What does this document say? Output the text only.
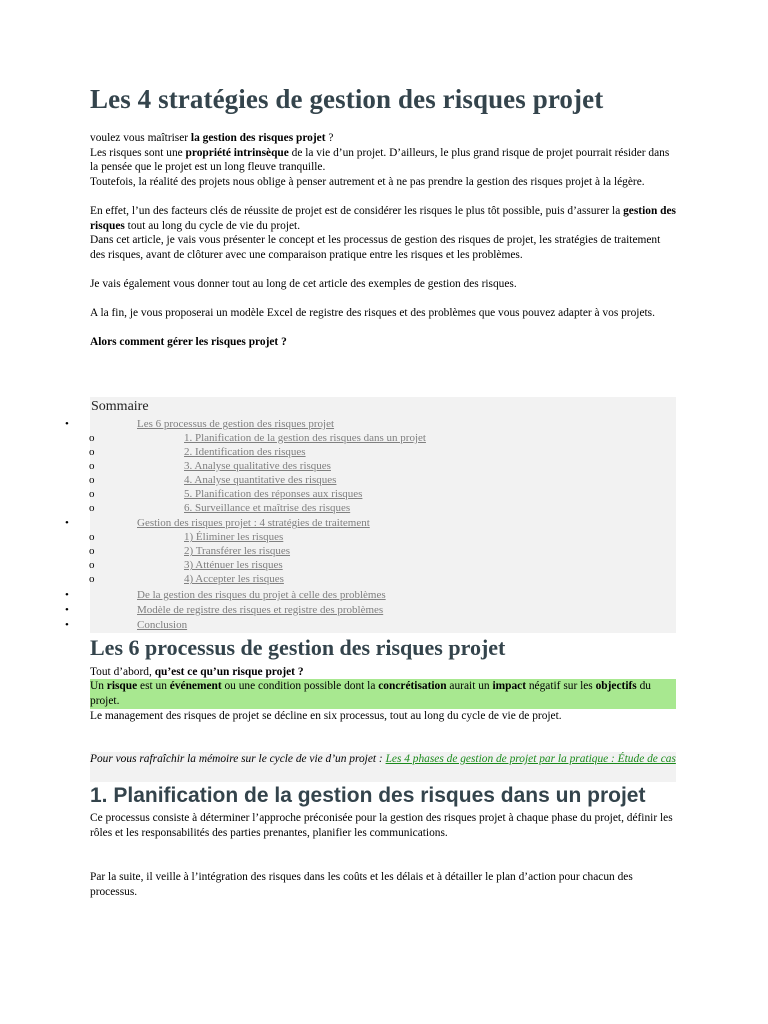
Les 4 stratégies de gestion des risques projet

voulez vous maîtriser la gestion des risques projet ?

Les risques sont une propriété intrinsèque de la vie d’un projet. D’ailleurs, le plus grand risque de projet pourrait résider dans la pensée que le projet est un long fleuve tranquille.

Toutefois, la réalité des projets nous oblige à penser autrement et à ne pas prendre la gestion des risques projet à la légère.

En effet, l’un des facteurs clés de réussite de projet est de considérer les risques le plus tôt possible, puis d’assurer la gestion des risques tout au long du cycle de vie du projet.

Dans cet article, je vais vous présenter le concept et les processus de gestion des risques de projet, les stratégies de traitement des risques, avant de clôturer avec une comparaison pratique entre les risques et les problèmes.

Je vais également vous donner tout au long de cet article des exemples de gestion des risques.

A la fin, je vous proposerai un modèle Excel de registre des risques et des problèmes que vous pouvez adapter à vos projets.

Alors comment gérer les risques projet ?

Sommaire
•	Les 6 processus de gestion des risques projet
o	1. Planification de la gestion des risques dans un projet
o	2. Identification des risques
o	3. Analyse qualitative des risques
o	4. Analyse quantitative des risques
o	5. Planification des réponses aux risques
o	6. Surveillance et maîtrise des risques
•	Gestion des risques projet : 4 stratégies de traitement
o	1) Éliminer les risques
o	2) Transférer les risques
o	3) Atténuer les risques
o	4) Accepter les risques
•	De la gestion des risques du projet à celle des problèmes
•	Modèle de registre des risques et registre des problèmes
•	Conclusion
Les 6 processus de gestion des risques projet
Tout d’abord, qu’est ce qu’un risque projet ?
Un risque est un événement ou une condition possible dont la concrétisation aurait un impact négatif sur les objectifs du projet.
Le management des risques de projet se décline en six processus, tout au long du cycle de vie de projet.
Pour vous rafraîchir la mémoire sur le cycle de vie d’un projet : Les 4 phases de gestion de projet par la pratique : Étude de cas
1. Planification de la gestion des risques dans un projet
Ce processus consiste à déterminer l’approche préconisée pour la gestion des risques projet à chaque phase du projet, définir les rôles et les responsabilités des parties prenantes, planifier les communications.
Par la suite, il veille à l’intégration des risques dans les coûts et les délais et à détailler le plan d’action pour chacun des processus.
